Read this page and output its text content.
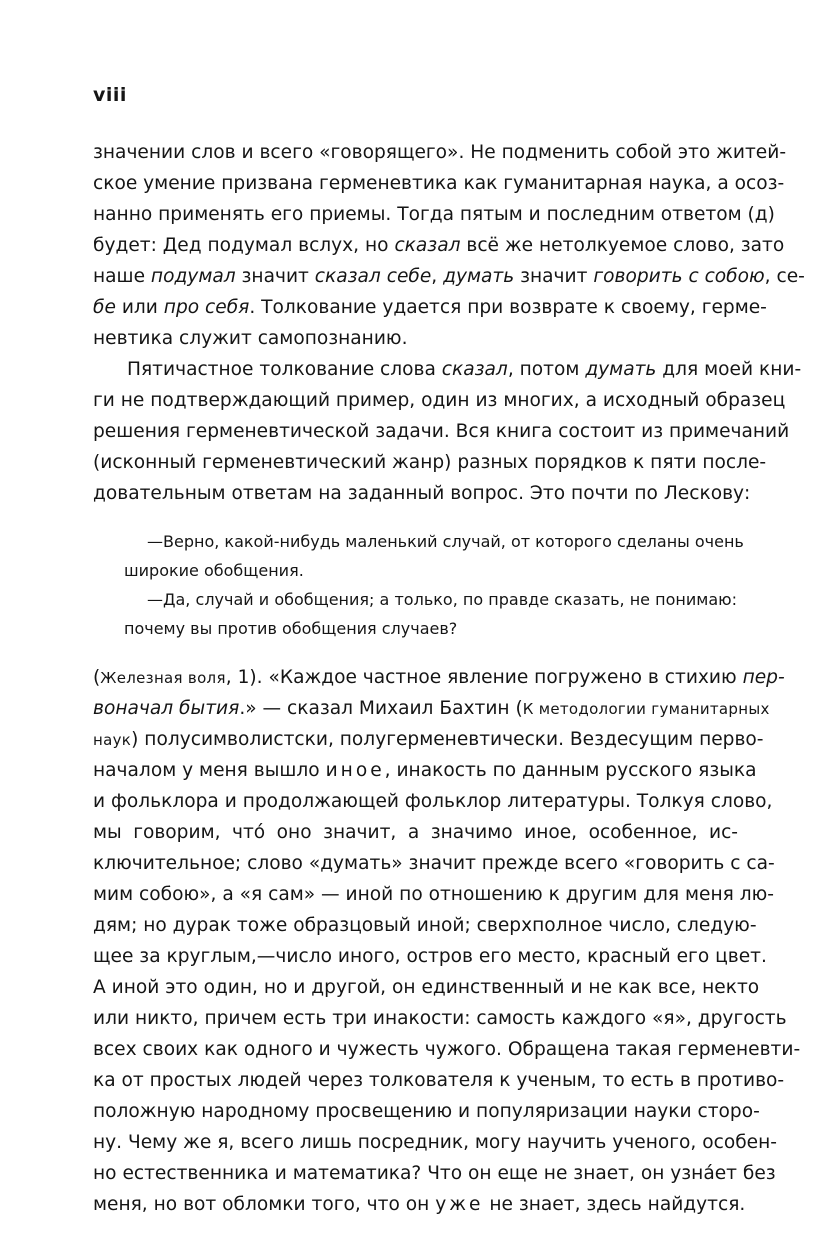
viii
значении слов и всего «говорящего». Не подменить собой это житей-
ское умение призвана герменевтика как гуманитарная наука, а осоз-
нанно применять его приемы. Тогда пятым и последним ответом (д)
будет: Дед подумал вслух, но сказал всё же нетолкуемое слово, зато
наше подумал значит сказал себе, думать значит говорить с собою, се-
бе или про себя. Толкование удается при возврате к своему, герме-
невтика служит самопознанию.
Пятичастное толкование слова сказал, потом думать для моей кни-
ги не подтверждающий пример, один из многих, а исходный образец
решения герменевтической задачи. Вся книга состоит из примечаний
(исконный герменевтический жанр) разных порядков к пяти после-
довательным ответам на заданный вопрос. Это почти по Лескову:
—Верно, какой-нибудь маленький случай, от которого сделаны очень
широкие обобщения.
—Да, случай и обобщения; а только, по правде сказать, не понимаю:
почему вы против обобщения случаев?
(Железная воля, 1). «Каждое частное явление погружено в стихию пер-
воначал бытия.» — сказал Михаил Бахтин (К методологии гуманитарных
наук) полусимволистски, полугерменевтически. Вездесущим перво-
началом у меня вышло иное, инакость по данным русского языка
и фольклора и продолжающей фольклор литературы. Толкуя слово,
мы говорим, чтó оно значит, а значимо иное, особенное, ис-
ключительное; слово «думать» значит прежде всего «говорить с са-
мим собою», а «я сам» — иной по отношению к другим для меня лю-
дям; но дурак тоже образцовый иной; сверхполное число, следую-
щее за круглым,—число иного, остров его место, красный его цвет.
А иной это один, но и другой, он единственный и не как все, некто
или никто, причем есть три инакости: самость каждого «я», другость
всех своих как одного и чужесть чужого. Обращена такая герменевти-
ка от простых людей через толкователя к ученым, то есть в противо-
положную народному просвещению и популяризации науки сторо-
ну. Чему же я, всего лишь посредник, могу научить ученого, особен-
но естественника и математика? Что он еще не знает, он узнáет без
меня, но вот обломки того, что он уже не знает, здесь найдутся.
